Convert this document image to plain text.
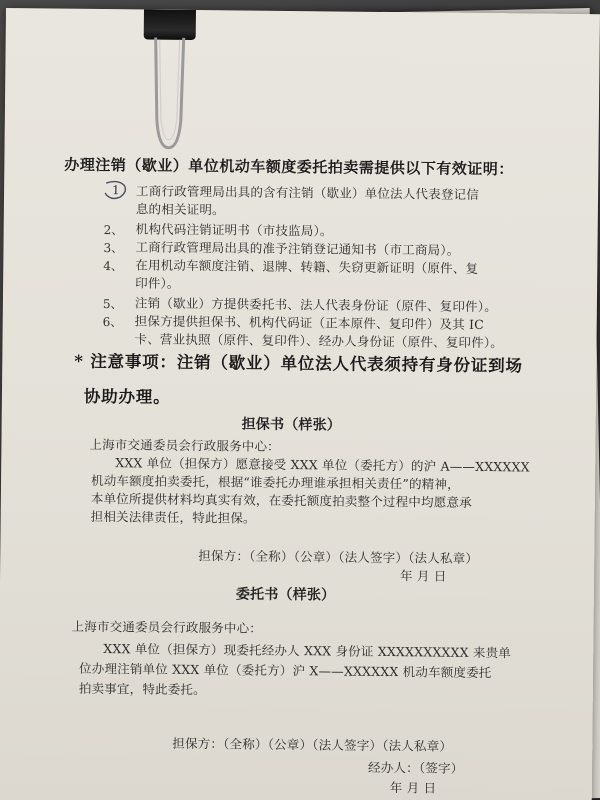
办理注销（歇业）单位机动车额度委托拍卖需提供以下有效证明：
1 工商行政管理局出具的含有注销（歇业）单位法人代表登记信
息的相关证明。
2、 机构代码注销证明书（市技监局）。
3、 工商行政管理局出具的准予注销登记通知书（市工商局）。
4、 在用机动车额度注销、退牌、转籍、失窃更新证明（原件、复
印件）。
5、 注销（歇业）方提供委托书、法人代表身份证（原件、复印件）。
6、 担保方提供担保书、机构代码证（正本原件、复印件）及其 IC
卡、营业执照（原件、复印件）、经办人身份证（原件、复印件）。
* 注意事项：注销（歇业）单位法人代表须持有身份证到场
协助办理。
担保书（样张）
上海市交通委员会行政服务中心：
XXX 单位（担保方）愿意接受 XXX 单位（委托方）的沪 A——XXXXXX
机动车额度拍卖委托，根据“谁委托办理谁承担相关责任”的精神，
本单位所提供材料均真实有效，在委托额度拍卖整个过程中均愿意承
担相关法律责任，特此担保。
担保方：（全称）（公章）（法人签字）（法人私章）
年 月 日
委托书（样张）
上海市交通委员会行政服务中心：
XXX 单位（担保方）现委托经办人 XXX 身份证 XXXXXXXXXX 来贵单
位办理注销单位 XXX 单位（委托方）沪 X——XXXXXX 机动车额度委托
拍卖事宜，特此委托。
担保方：（全称）（公章）（法人签字）（法人私章）
经办人：（签字）
年 月 日
